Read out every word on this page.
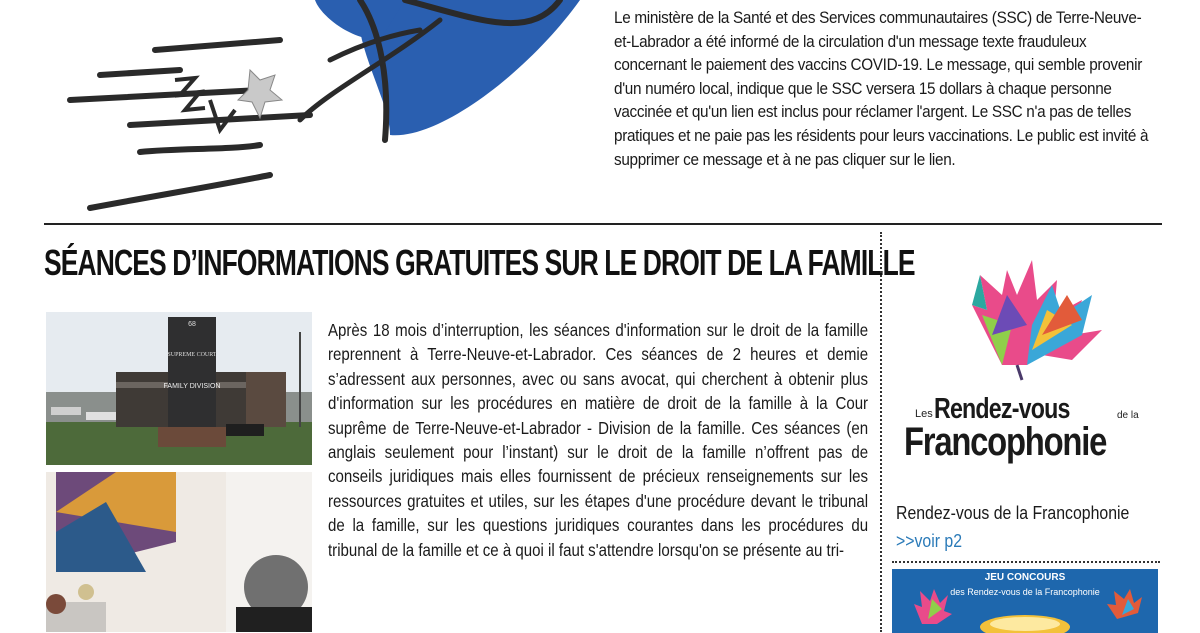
Le ministère de la Santé et des Services communautaires (SSC) de Terre-Neuve-et-Labrador a été informé de la circulation d'un message texte frauduleux concernant le paiement des vaccins COVID-19. Le message, qui semble provenir d'un numéro local, indique que le SSC versera 15 dollars à chaque personne vaccinée et qu'un lien est inclus pour réclamer l'argent. Le SSC n'a pas de telles pratiques et ne paie pas les résidents pour leurs vaccinations. Le public est invité à supprimer ce message et à ne pas cliquer sur le lien.

SÉANCES D’INFORMATIONS GRATUITES SUR LE DROIT DE LA FAMILLE
68
SUPREME COURT
FAMILY DIVISION

Après 18 mois d’interruption, les séances d'information sur le droit de la famille reprennent à Terre-Neuve-et-Labrador. Ces séances de 2 heures et demie s’adressent aux personnes, avec ou sans avocat, qui cherchent à obtenir plus d'information sur les procédures en matière de droit de la famille à la Cour suprême de Terre-Neuve-et-Labrador - Division de la famille. Ces séances (en anglais seulement pour l’instant) sur le droit de la famille n’offrent pas de conseils juridiques mais elles fournissent de précieux renseignements sur les ressources gratuites et utiles, sur les étapes d'une procédure devant le tribunal de la famille, sur les questions juridiques courantes dans les procédures du tribunal de la famille et ce à quoi il faut s'attendre lorsqu'on se présente au tri-

Les Rendez-vous	de la
Francophonie
Rendez-vous de la Francophonie
>>voir p2
JEU CONCOURS
des Rendez-vous de la Francophonie
